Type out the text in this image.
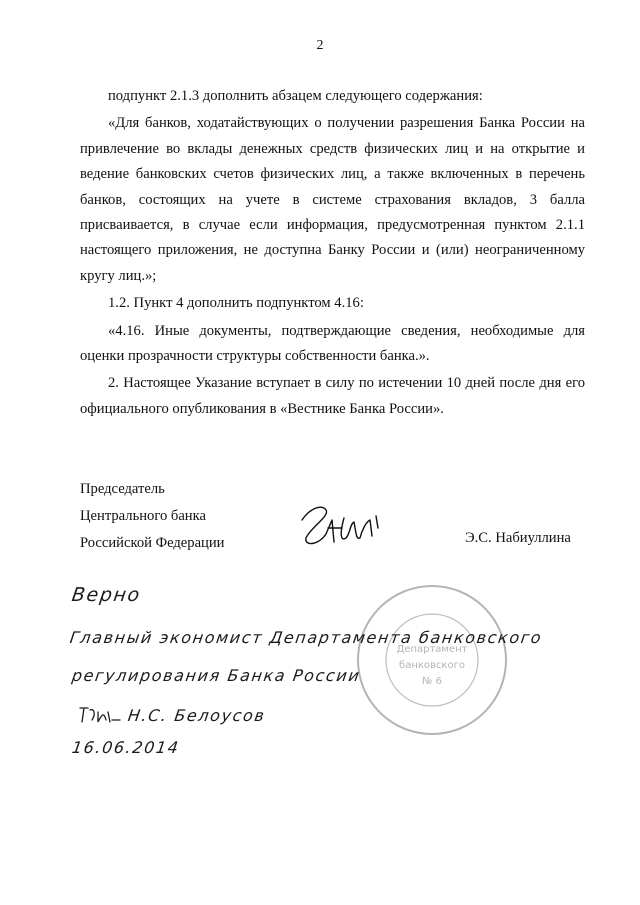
2

подпункт 2.1.3 дополнить абзацем следующего содержания:

«Для банков, ходатайствующих о получении разрешения Банка России на привлечение во вклады денежных средств физических лиц и на открытие и ведение банковских счетов физических лиц, а также включенных в перечень банков, состоящих на учете в системе страхования вкладов, 3 балла присваивается, в случае если информация, предусмотренная пунктом 2.1.1 настоящего приложения, не доступна Банку России и (или) неограниченному кругу лиц.»;

1.2. Пункт 4 дополнить подпунктом 4.16:

«4.16. Иные документы, подтверждающие сведения, необходимые для оценки прозрачности структуры собственности банка.».

2. Настоящее Указание вступает в силу по истечении 10 дней после дня его официального опубликования в «Вестнике Банка России».

Председатель
Центрального банка
Российской Федерации	Э.С. Набиуллина
Департамент
банковского
№ 6
Верно
Главный экономист Департамента банковского
регулирования Банка России
Н.С. Белоусов
16.06.2014
